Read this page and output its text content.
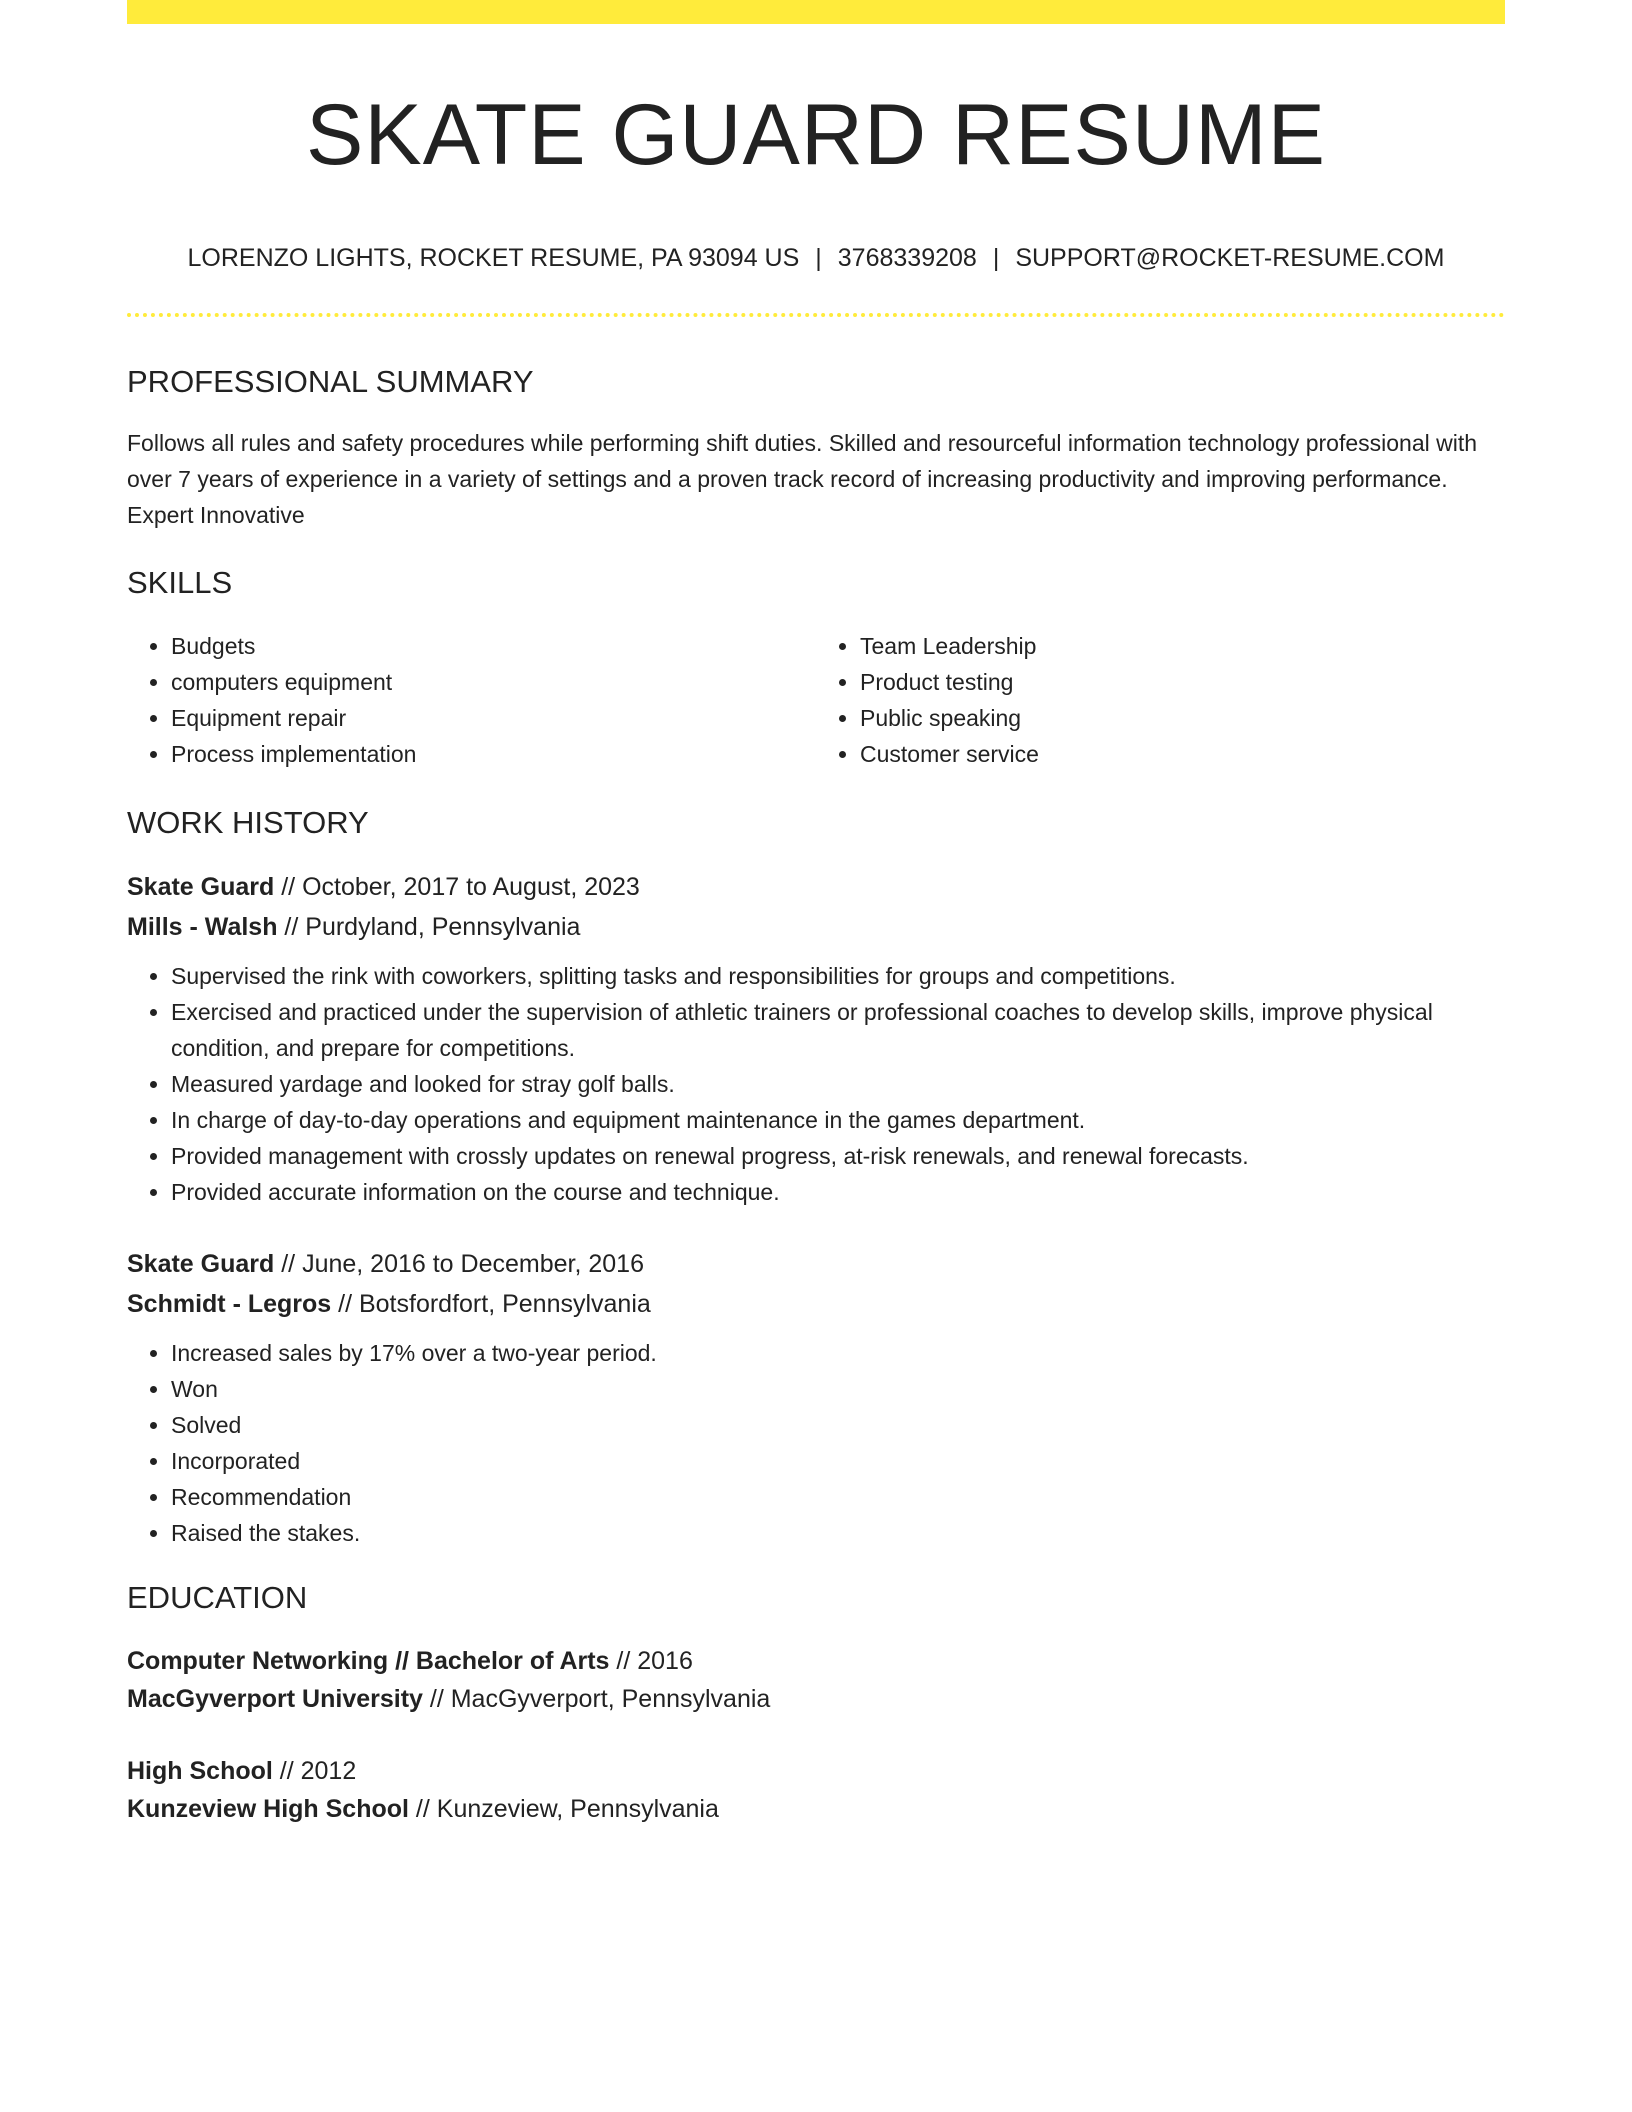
SKATE GUARD RESUME
LORENZO LIGHTS, ROCKET RESUME, PA 93094 US | 3768339208 | SUPPORT@ROCKET-RESUME.COM
PROFESSIONAL SUMMARY

Follows all rules and safety procedures while performing shift duties. Skilled and resourceful information technology professional with over 7 years of experience in a variety of settings and a proven track record of increasing productivity and improving performance. Expert Innovative

SKILLS
• Budgets
• computers equipment
• Equipment repair
• Process implementation
• Team Leadership
• Product testing
• Public speaking
• Customer service
WORK HISTORY
Skate Guard // October, 2017 to August, 2023
Mills - Walsh // Purdyland, Pennsylvania
• Supervised the rink with coworkers, splitting tasks and responsibilities for groups and competitions.
• Exercised and practiced under the supervision of athletic trainers or professional coaches to develop skills, improve physical condition, and prepare for competitions.
• Measured yardage and looked for stray golf balls.
• In charge of day-to-day operations and equipment maintenance in the games department.
• Provided management with crossly updates on renewal progress, at-risk renewals, and renewal forecasts.
• Provided accurate information on the course and technique.
Skate Guard // June, 2016 to December, 2016
Schmidt - Legros // Botsfordfort, Pennsylvania
• Increased sales by 17% over a two-year period.
• Won
• Solved
• Incorporated
• Recommendation
• Raised the stakes.
EDUCATION
Computer Networking // Bachelor of Arts // 2016
MacGyverport University // MacGyverport, Pennsylvania
High School // 2012
Kunzeview High School // Kunzeview, Pennsylvania
